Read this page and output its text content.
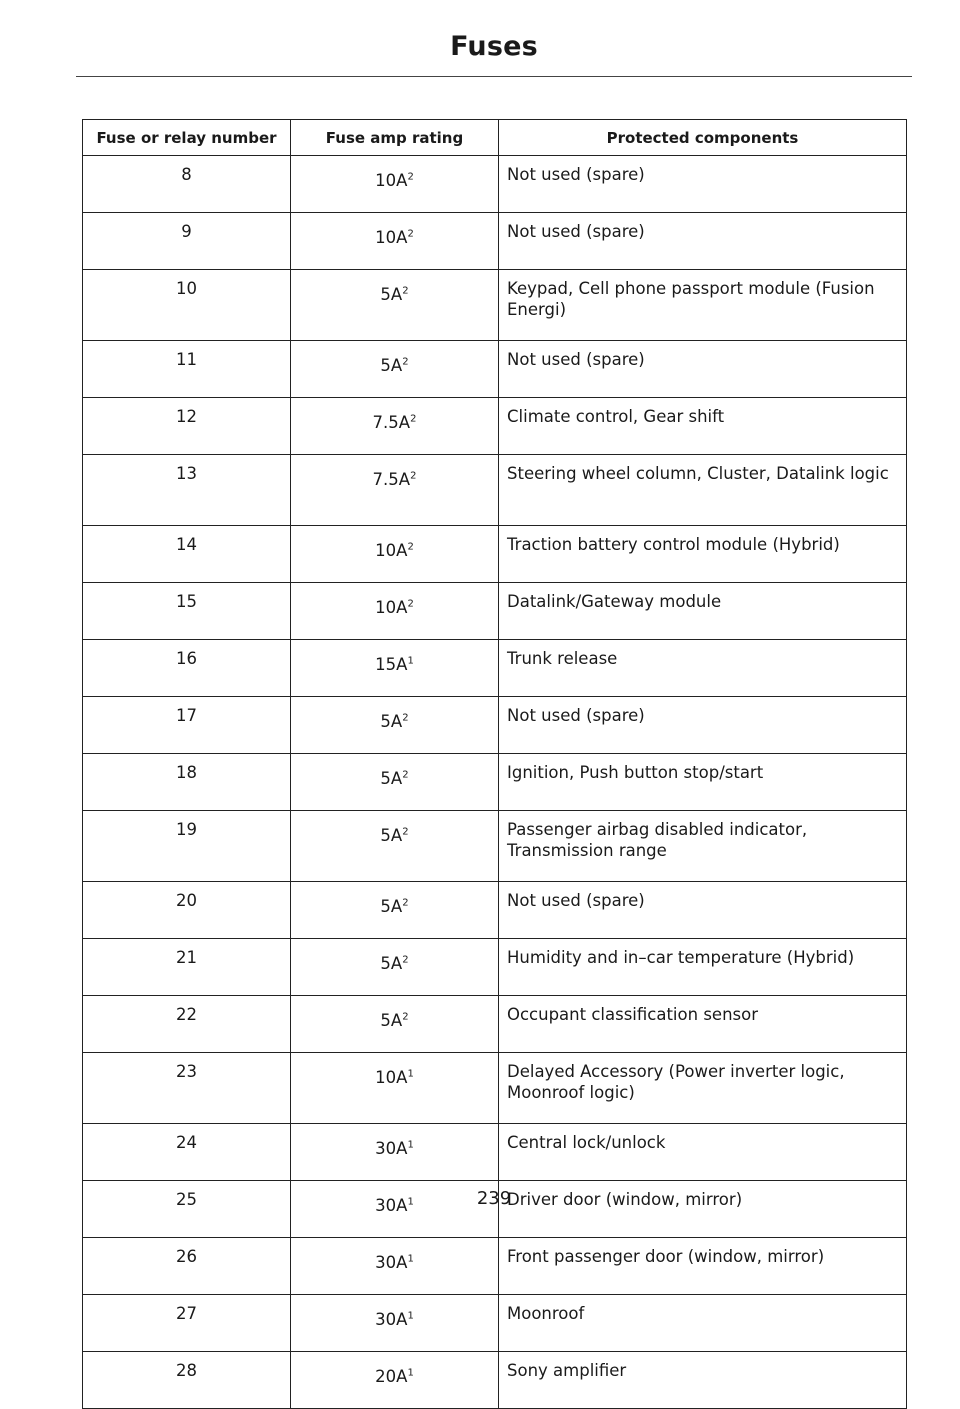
Fuses
Fuse or relay number	Fuse amp rating	Protected components
8	10A$^2$	Not used (spare)
9	10A$^2$	Not used (spare)
10	5A$^2$	Keypad, Cell phone passport module (Fusion Energi)
11	5A$^2$	Not used (spare)
12	7.5A$^2$	Climate control, Gear shift
13	7.5A$^2$	Steering wheel column, Cluster, Datalink logic
14	10A$^2$	Traction battery control module (Hybrid)
15	10A$^2$	Datalink/Gateway module
16	15A$^1$	Trunk release
17	5A$^2$	Not used (spare)
18	5A$^2$	Ignition, Push button stop/start
19	5A$^2$	Passenger airbag disabled indicator, Transmission range
20	5A$^2$	Not used (spare)
21	5A$^2$	Humidity and in–car temperature (Hybrid)
22	5A$^2$	Occupant classification sensor
23	10A$^1$	Delayed Accessory (Power inverter logic, Moonroof logic)
24	30A$^1$	Central lock/unlock
25	30A$^1$	Driver door (window, mirror)
26	30A$^1$	Front passenger door (window, mirror)
27	30A$^1$	Moonroof
28	20A$^1$	Sony amplifier
239
